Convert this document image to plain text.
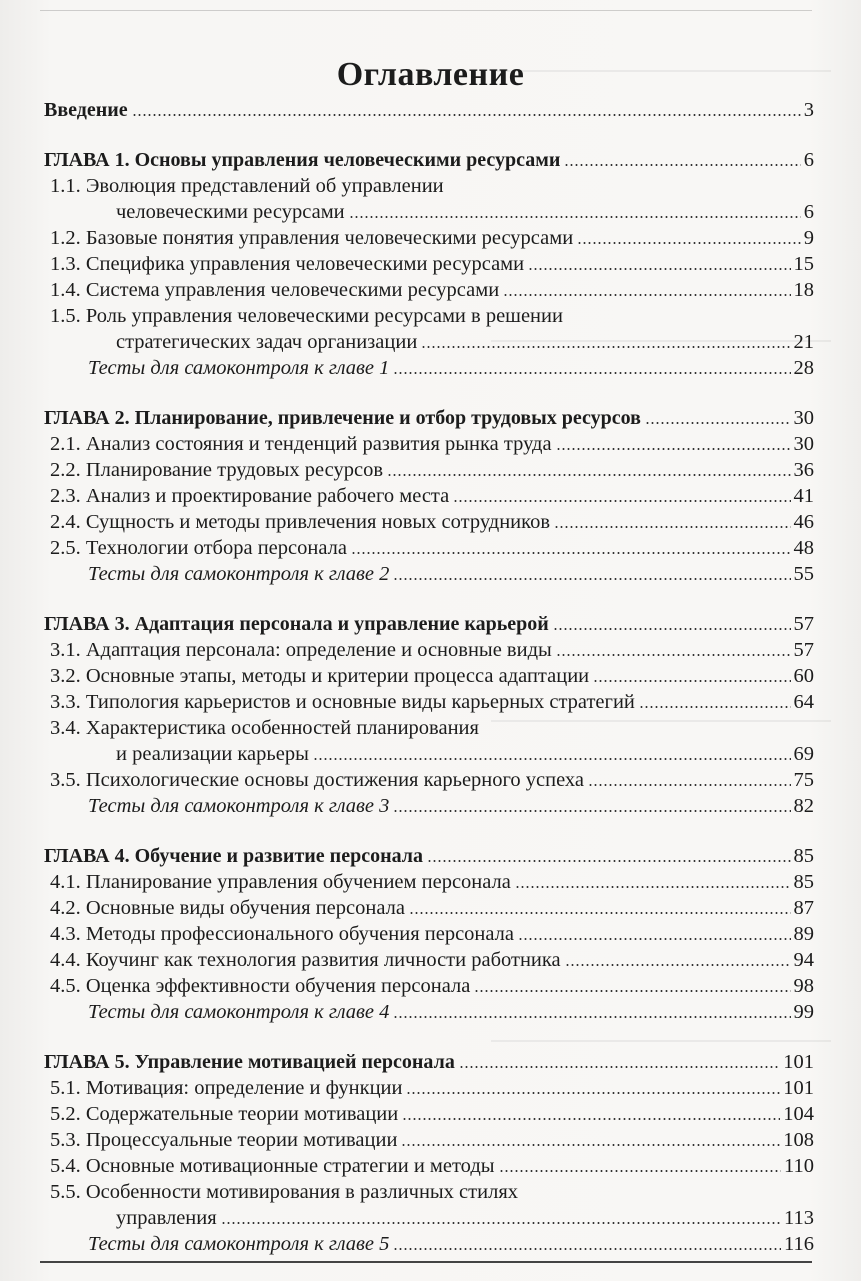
Оглавление
Введение	3
ГЛАВА 1. Основы управления человеческими ресурсами	6
1.1. Эволюция представлений об управлении
человеческими ресурсами	6
1.2. Базовые понятия управления человеческими ресурсами	9
1.3. Специфика управления человеческими ресурсами	15
1.4. Система управления человеческими ресурсами	18
1.5. Роль управления человеческими ресурсами в решении
стратегических задач организации	21
Тесты для самоконтроля к главе 1	28
ГЛАВА 2. Планирование, привлечение и отбор трудовых ресурсов	30
2.1. Анализ состояния и тенденций развития рынка труда	30
2.2. Планирование трудовых ресурсов	36
2.3. Анализ и проектирование рабочего места	41
2.4. Сущность и методы привлечения новых сотрудников	46
2.5. Технологии отбора персонала	48
Тесты для самоконтроля к главе 2	55
ГЛАВА 3. Адаптация персонала и управление карьерой	57
3.1. Адаптация персонала: определение и основные виды	57
3.2. Основные этапы, методы и критерии процесса адаптации	60
3.3. Типология карьеристов и основные виды карьерных стратегий	64
3.4. Характеристика особенностей планирования
и реализации карьеры	69
3.5. Психологические основы достижения карьерного успеха	75
Тесты для самоконтроля к главе 3	82
ГЛАВА 4. Обучение и развитие персонала	85
4.1. Планирование управления обучением персонала	85
4.2. Основные виды обучения персонала	87
4.3. Методы профессионального обучения персонала	89
4.4. Коучинг как технология развития личности работника	94
4.5. Оценка эффективности обучения персонала	98
Тесты для самоконтроля к главе 4	99
ГЛАВА 5. Управление мотивацией персонала	101
5.1. Мотивация: определение и функции	101
5.2. Содержательные теории мотивации	104
5.3. Процессуальные теории мотивации	108
5.4. Основные мотивационные стратегии и методы	110
5.5. Особенности мотивирования в различных стилях
управления	113
Тесты для самоконтроля к главе 5	116
